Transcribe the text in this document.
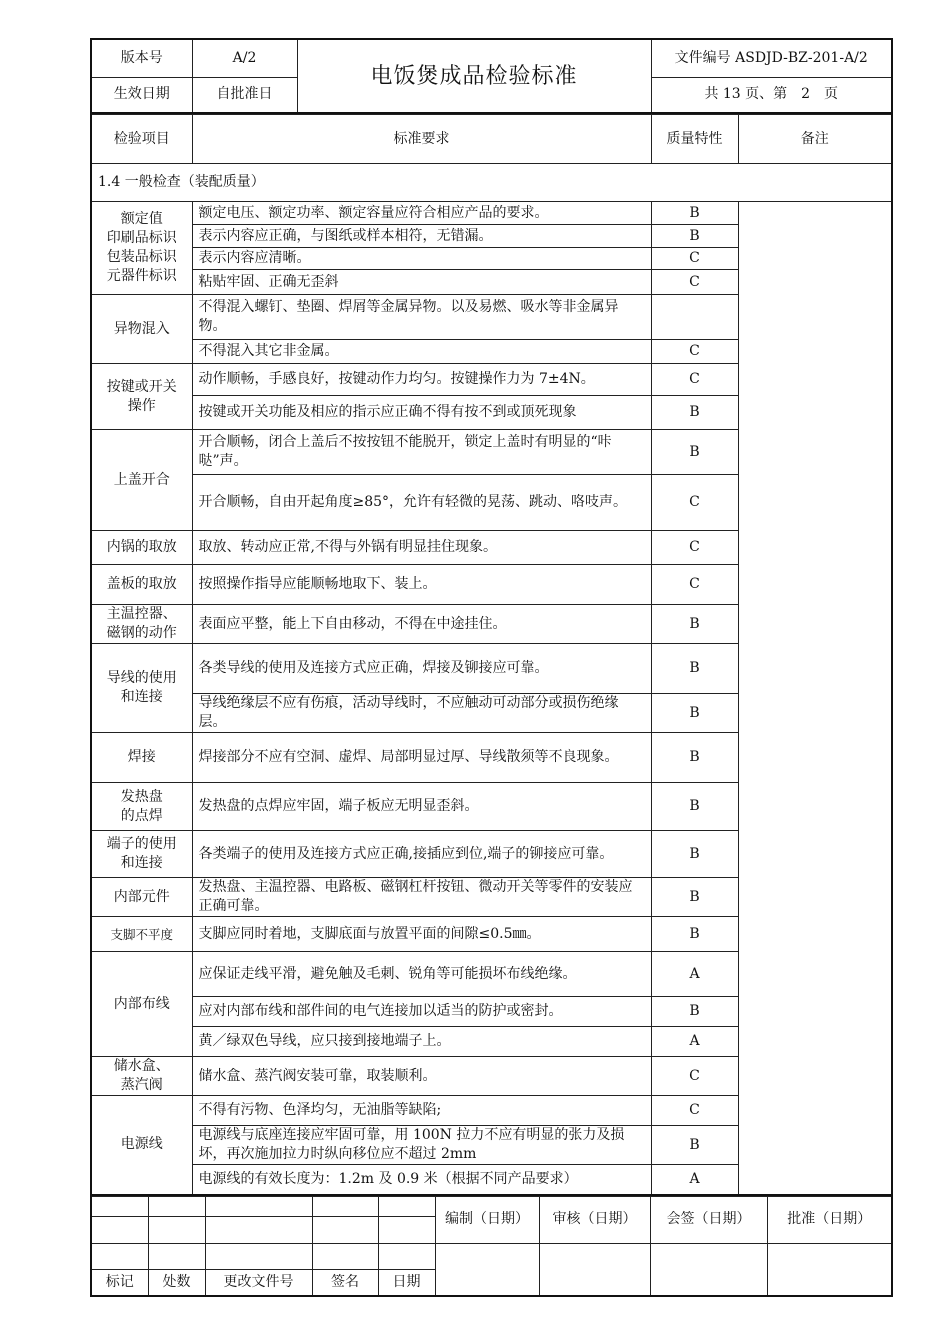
版本号	A/2	电饭煲成品检验标准	文件编号 ASDJD-BZ-201-A/2
生效日期	自批准日		共 13 页、第　2　页
检验项目	标准要求	质量特性	备注
1.4 一般检查（装配质量）			
额定值
印刷品标识
包装品标识
元器件标识	额定电压、额定功率、额定容量应符合相应产品的要求。	B	
	表示内容应正确，与图纸或样本相符，无错漏。	B	
	表示内容应清晰。	C	
	粘贴牢固、正确无歪斜	C	
异物混入	不得混入螺钉、垫圈、焊屑等金属异物。以及易燃、吸水等非金属异物。		
	不得混入其它非金属。	C	
按键或开关
操作	动作顺畅，手感良好，按键动作力均匀。按键操作力为 7±4N。	C	
	按键或开关功能及相应的指示应正确不得有按不到或顶死现象	B	
上盖开合	开合顺畅，闭合上盖后不按按钮不能脱开，锁定上盖时有明显的“咔哒”声。	B	
	开合顺畅，自由开起角度≥85°，允许有轻微的晃荡、跳动、咯吱声。	C	
内锅的取放	取放、转动应正常,不得与外锅有明显挂住现象。	C	
盖板的取放	按照操作指导应能顺畅地取下、装上。	C	
主温控器、
磁钢的动作	表面应平整，能上下自由移动，不得在中途挂住。	B	
导线的使用
和连接	各类导线的使用及连接方式应正确，焊接及铆接应可靠。	B	
	导线绝缘层不应有伤痕，活动导线时，不应触动可动部分或损伤绝缘层。	B	
焊接	焊接部分不应有空洞、虚焊、局部明显过厚、导线散须等不良现象。	B	
发热盘
的点焊	发热盘的点焊应牢固，端子板应无明显歪斜。	B	
端子的使用
和连接	各类端子的使用及连接方式应正确,接插应到位,端子的铆接应可靠。	B	
内部元件	发热盘、主温控器、电路板、磁钢杠杆按钮、微动开关等零件的安装应正确可靠。	B	
支脚不平度	支脚应同时着地，支脚底面与放置平面的间隙≤0.5㎜。	B	
内部布线	应保证走线平滑，避免触及毛刺、锐角等可能损坏布线绝缘。	A	
	应对内部布线和部件间的电气连接加以适当的防护或密封。	B	
	黄／绿双色导线，应只接到接地端子上。	A	
储水盒、
蒸汽阀	储水盒、蒸汽阀安装可靠，取装顺利。	C	
电源线	不得有污物、色泽均匀，无油脂等缺陷;	C	
	电源线与底座连接应牢固可靠，用 100N 拉力不应有明显的张力及损坏，再次施加拉力时纵向移位应不超过 2mm	B	
	电源线的有效长度为：1.2m 及 0.9 米（根据不同产品要求）	A	
					编制（日期）	审核（日期）	会签（日期）	批准（日期）

标记	处数	更改文件号	签名	日期				
